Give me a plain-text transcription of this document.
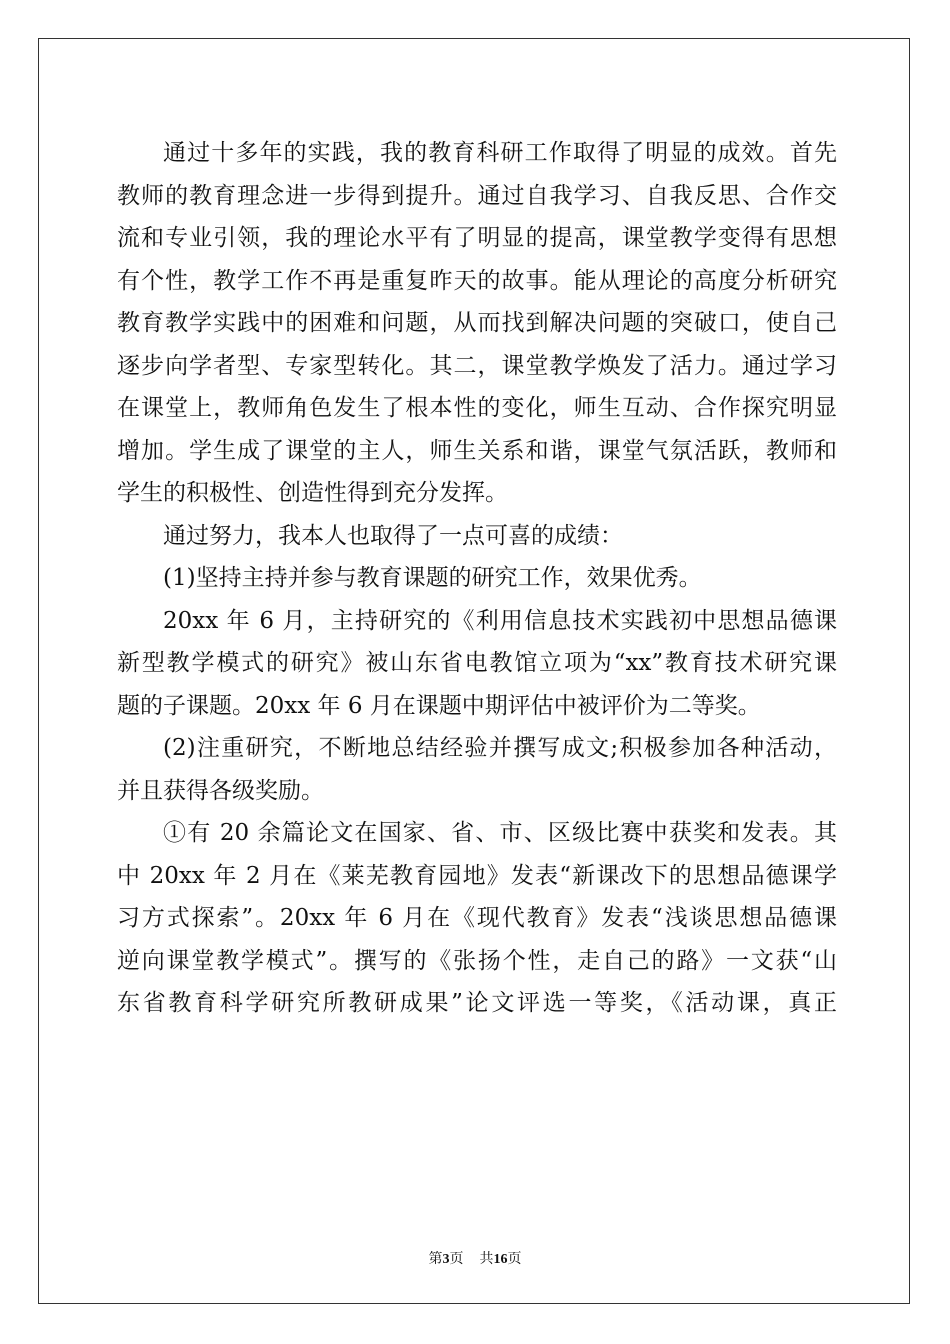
通过十多年的实践，我的教育科研工作取得了明显的成效。首先
教师的教育理念进一步得到提升。通过自我学习、自我反思、合作交
流和专业引领，我的理论水平有了明显的提高，课堂教学变得有思想
有个性，教学工作不再是重复昨天的故事。能从理论的高度分析研究
教育教学实践中的困难和问题，从而找到解决问题的突破口，使自己
逐步向学者型、专家型转化。其二，课堂教学焕发了活力。通过学习
在课堂上，教师角色发生了根本性的变化，师生互动、合作探究明显
增加。学生成了课堂的主人，师生关系和谐，课堂气氛活跃，教师和
学生的积极性、创造性得到充分发挥。
通过努力，我本人也取得了一点可喜的成绩：
(1)坚持主持并参与教育课题的研究工作，效果优秀。
20xx 年 6 月，主持研究的《利用信息技术实践初中思想品德课
新型教学模式的研究》被山东省电教馆立项为“xx”教育技术研究课
题的子课题。20xx 年 6 月在课题中期评估中被评价为二等奖。
(2)注重研究，不断地总结经验并撰写成文;积极参加各种活动，
并且获得各级奖励。
①有 20 余篇论文在国家、省、市、区级比赛中获奖和发表。其
中 20xx 年 2 月在《莱芜教育园地》发表“新课改下的思想品德课学
习方式探索”。20xx 年 6 月在《现代教育》发表“浅谈思想品德课
逆向课堂教学模式”。撰写的《张扬个性，走自己的路》一文获“山
东省教育科学研究所教研成果”论文评选一等奖，《活动课，真正
第3页 共16页
